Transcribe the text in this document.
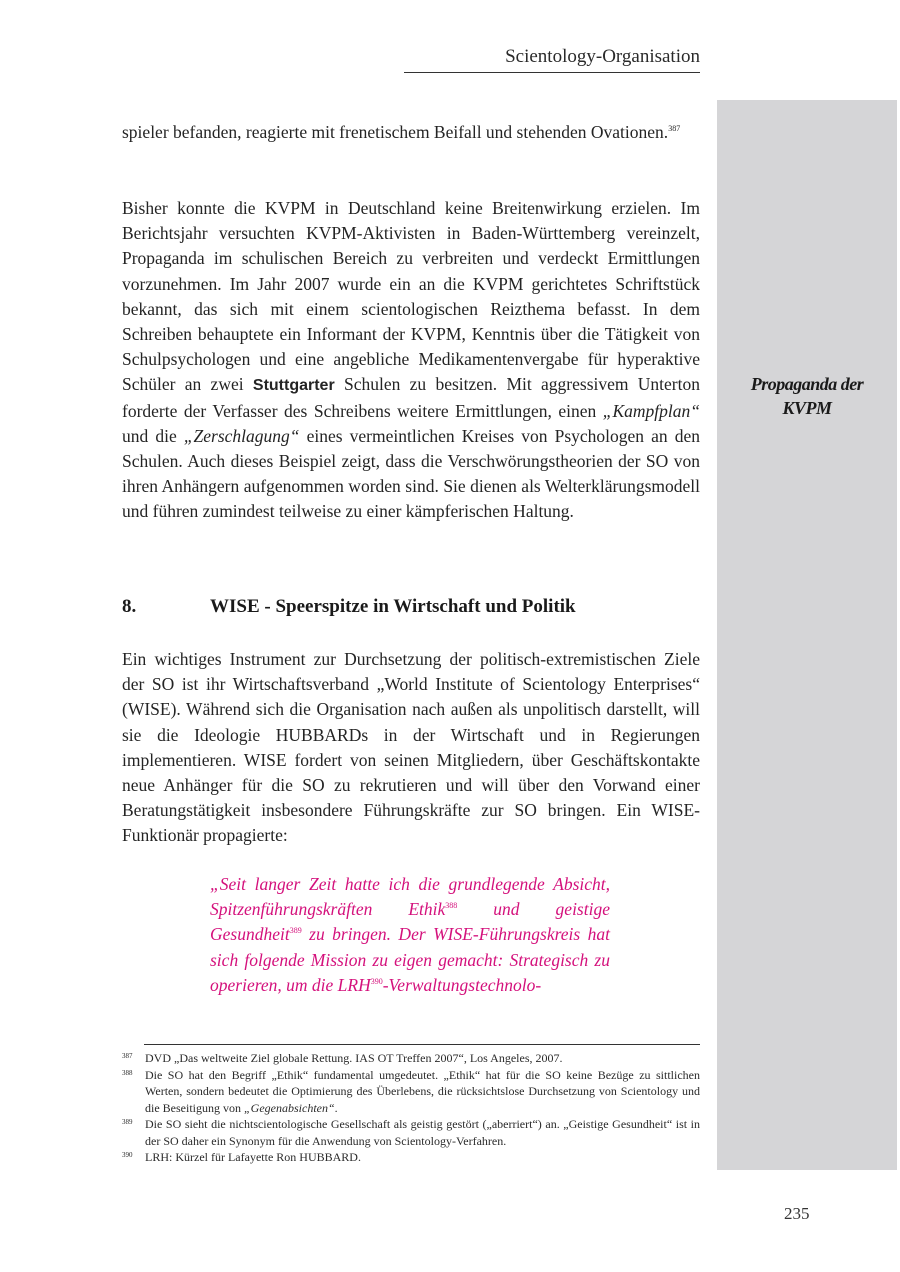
Scientology-Organisation
Propaganda der
KVPM
spieler befanden, reagierte mit frenetischem Beifall und stehenden Ovationen.$^{387}$
Bisher konnte die KVPM in Deutschland keine Breitenwirkung erzielen. Im Berichtsjahr versuchten KVPM-Aktivisten in Baden-Württemberg vereinzelt, Propaganda im schulischen Bereich zu verbreiten und verdeckt Ermittlungen vorzunehmen. Im Jahr 2007 wurde ein an die KVPM gerichtetes Schriftstück bekannt, das sich mit einem scientologischen Reizthema befasst. In dem Schreiben behauptete ein Informant der KVPM, Kenntnis über die Tätigkeit von Schulpsychologen und eine angebliche Medikamentenvergabe für hyperaktive Schüler an zwei Stuttgarter Schulen zu besitzen. Mit aggressivem Unterton forderte der Verfasser des Schreibens weitere Ermittlungen, einen „Kampfplan“ und die „Zerschlagung“ eines vermeintlichen Kreises von Psychologen an den Schulen. Auch dieses Beispiel zeigt, dass die Verschwörungstheorien der SO von ihren Anhängern aufgenommen worden sind. Sie dienen als Welterklärungsmodell und führen zumindest teilweise zu einer kämpferischen Haltung.
8.	WISE - Speerspitze in Wirtschaft und Politik
Ein wichtiges Instrument zur Durchsetzung der politisch-extremistischen Ziele der SO ist ihr Wirtschaftsverband „World Institute of Scientology Enterprises“ (WISE). Während sich die Organisation nach außen als unpolitisch darstellt, will sie die Ideologie HUBBARDs in der Wirtschaft und in Regierungen implementieren. WISE fordert von seinen Mitgliedern, über Geschäftskontakte neue Anhänger für die SO zu rekrutieren und will über den Vorwand einer Beratungstätigkeit insbesondere Führungskräfte zur SO bringen. Ein WISE-Funktionär propagierte:
„Seit langer Zeit hatte ich die grundlegende Absicht, Spitzenführungskräften Ethik$^{388}$ und geistige Gesundheit$^{389}$ zu bringen. Der WISE-Führungskreis hat sich folgende Mission zu eigen gemacht: Strategisch zu operieren, um die LRH$^{390}$-Verwaltungstechnolo-
387 DVD „Das weltweite Ziel globale Rettung. IAS OT Treffen 2007“, Los Angeles, 2007.
388 Die SO hat den Begriff „Ethik“ fundamental umgedeutet. „Ethik“ hat für die SO keine Bezüge zu sittlichen Werten, sondern bedeutet die Optimierung des Überlebens, die rücksichtslose Durchsetzung von Scientology und die Beseitigung von „Gegenabsichten“.
389 Die SO sieht die nichtscientologische Gesellschaft als geistig gestört („aberriert“) an. „Geistige Gesundheit“ ist in der SO daher ein Synonym für die Anwendung von Scientology-Verfahren.
390 LRH: Kürzel für Lafayette Ron HUBBARD.
235
